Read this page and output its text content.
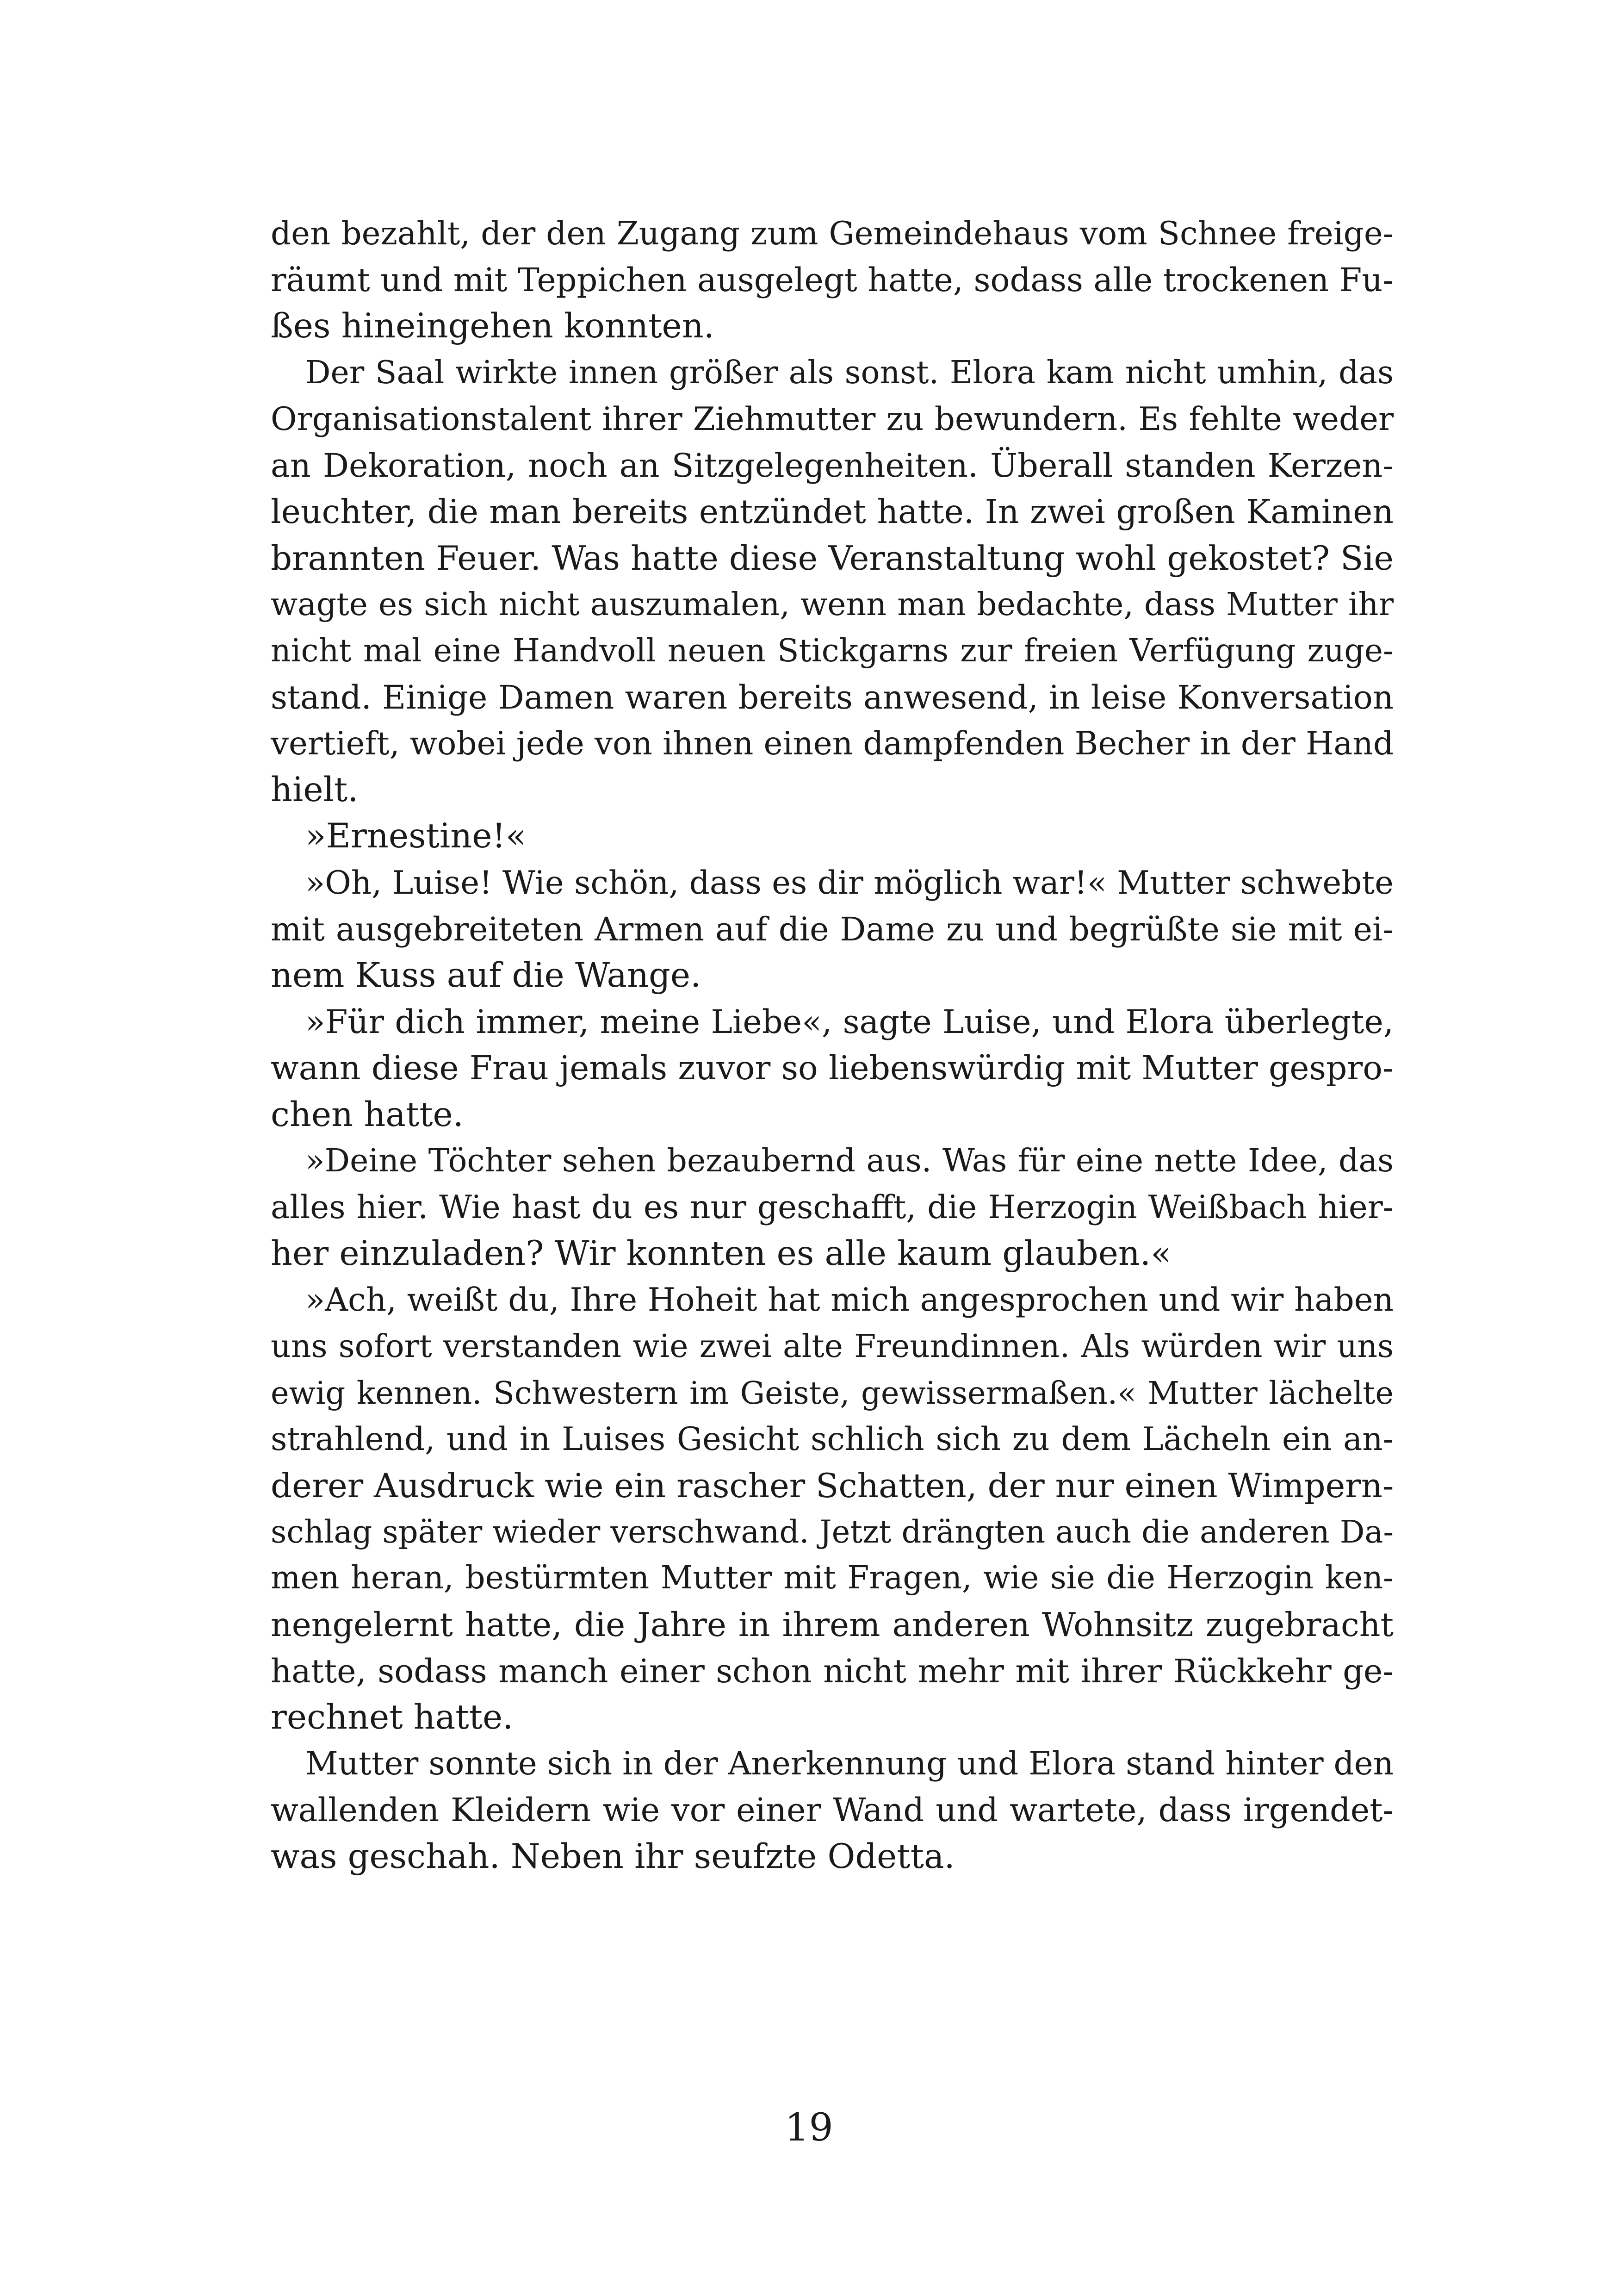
den bezahlt, der den Zugang zum Gemeindehaus vom Schnee freige-
räumt und mit Teppichen ausgelegt hatte, sodass alle trockenen Fu-
ßes hineingehen konnten.
Der Saal wirkte innen größer als sonst. Elora kam nicht umhin, das
Organisationstalent ihrer Ziehmutter zu bewundern. Es fehlte weder
an Dekoration, noch an Sitzgelegenheiten. Überall standen Kerzen-
leuchter, die man bereits entzündet hatte. In zwei großen Kaminen
brannten Feuer. Was hatte diese Veranstaltung wohl gekostet? Sie
wagte es sich nicht auszumalen, wenn man bedachte, dass Mutter ihr
nicht mal eine Handvoll neuen Stickgarns zur freien Verfügung zuge-
stand. Einige Damen waren bereits anwesend, in leise Konversation
vertieft, wobei jede von ihnen einen dampfenden Becher in der Hand
hielt.
»Ernestine!«
»Oh, Luise! Wie schön, dass es dir möglich war!« Mutter schwebte
mit ausgebreiteten Armen auf die Dame zu und begrüßte sie mit ei-
nem Kuss auf die Wange.
»Für dich immer, meine Liebe«, sagte Luise, und Elora überlegte,
wann diese Frau jemals zuvor so liebenswürdig mit Mutter gespro-
chen hatte.
»Deine Töchter sehen bezaubernd aus. Was für eine nette Idee, das
alles hier. Wie hast du es nur geschafft, die Herzogin Weißbach hier-
her einzuladen? Wir konnten es alle kaum glauben.«
»Ach, weißt du, Ihre Hoheit hat mich angesprochen und wir haben
uns sofort verstanden wie zwei alte Freundinnen. Als würden wir uns
ewig kennen. Schwestern im Geiste, gewissermaßen.« Mutter lächelte
strahlend, und in Luises Gesicht schlich sich zu dem Lächeln ein an-
derer Ausdruck wie ein rascher Schatten, der nur einen Wimpern-
schlag später wieder verschwand. Jetzt drängten auch die anderen Da-
men heran, bestürmten Mutter mit Fragen, wie sie die Herzogin ken-
nengelernt hatte, die Jahre in ihrem anderen Wohnsitz zugebracht
hatte, sodass manch einer schon nicht mehr mit ihrer Rückkehr ge-
rechnet hatte.
Mutter sonnte sich in der Anerkennung und Elora stand hinter den
wallenden Kleidern wie vor einer Wand und wartete, dass irgendet-
was geschah. Neben ihr seufzte Odetta.
19
